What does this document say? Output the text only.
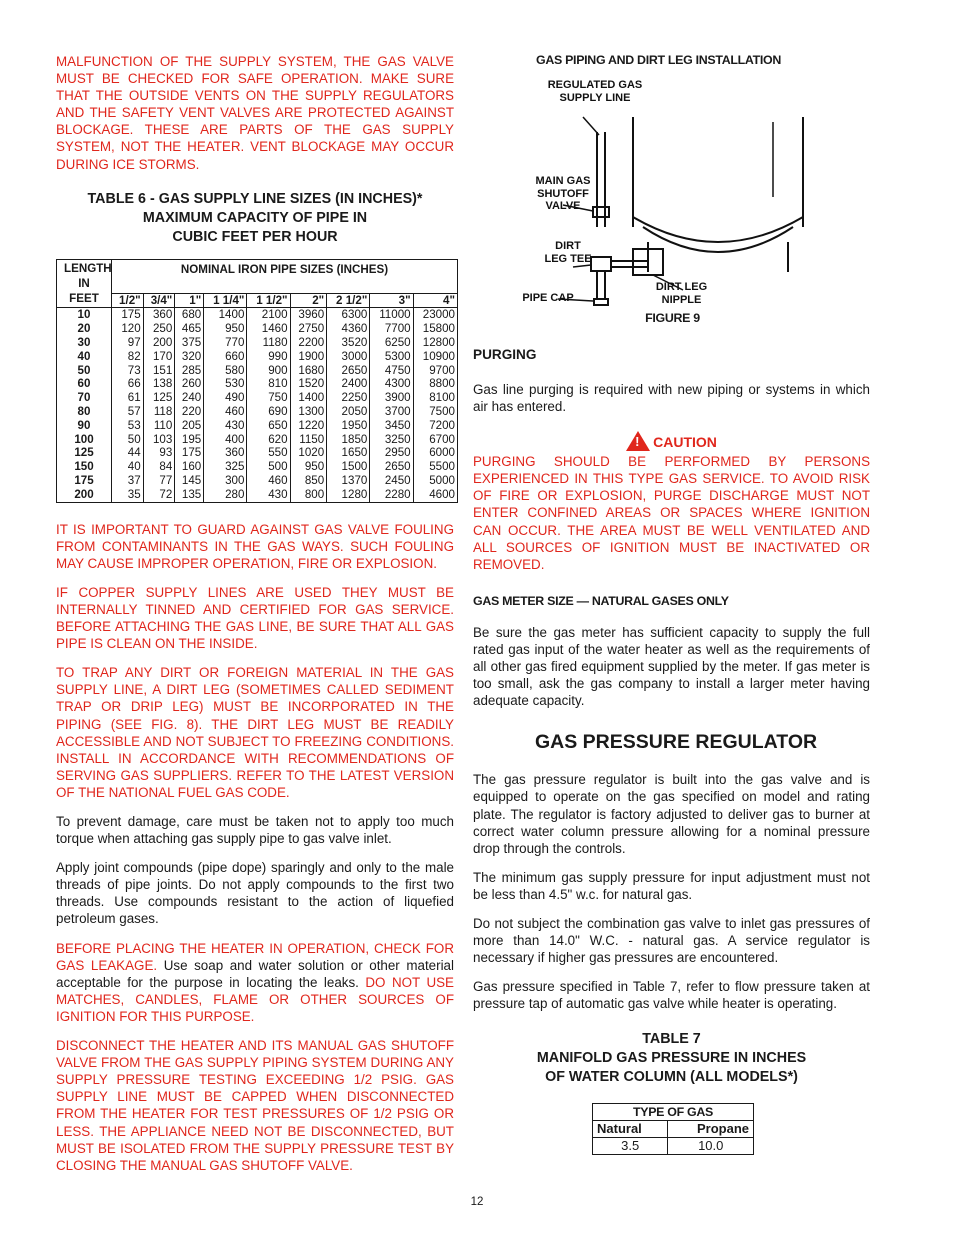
MALFUNCTION OF THE SUPPLY SYSTEM, THE GAS VALVE MUST BE CHECKED FOR SAFE OPERATION. MAKE SURE THAT THE OUTSIDE VENTS ON THE SUPPLY REGULATORS AND THE SAFETY VENT VALVES ARE PROTECTED AGAINST BLOCKAGE. THESE ARE PARTS OF THE GAS SUPPLY SYSTEM, NOT THE HEATER. VENT BLOCKAGE MAY OCCUR DURING ICE STORMS.

TABLE 6 - GAS SUPPLY LINE SIZES (IN INCHES)*
MAXIMUM CAPACITY OF PIPE IN
CUBIC FEET PER HOUR
LENGTH IN FEET	NOMINAL IRON PIPE SIZES (INCHES)								
	1/2"	3/4"	1"	1 1/4"	1 1/2"	2"	2 1/2"	3"	4"
10	175	360	680	1400	2100	3960	6300	11000	23000
20	120	250	465	950	1460	2750	4360	7700	15800
30	97	200	375	770	1180	2200	3520	6250	12800
40	82	170	320	660	990	1900	3000	5300	10900
50	73	151	285	580	900	1680	2650	4750	9700
60	66	138	260	530	810	1520	2400	4300	8800
70	61	125	240	490	750	1400	2250	3900	8100
80	57	118	220	460	690	1300	2050	3700	7500
90	53	110	205	430	650	1220	1950	3450	7200
100	50	103	195	400	620	1150	1850	3250	6700
125	44	93	175	360	550	1020	1650	2950	6000
150	40	84	160	325	500	950	1500	2650	5500
175	37	77	145	300	460	850	1370	2450	5000
200	35	72	135	280	430	800	1280	2280	4600

IT IS IMPORTANT TO GUARD AGAINST GAS VALVE FOULING FROM CONTAMINANTS IN THE GAS WAYS. SUCH FOULING MAY CAUSE IMPROPER OPERATION, FIRE OR EXPLOSION.

IF COPPER SUPPLY LINES ARE USED THEY MUST BE INTERNALLY TINNED AND CERTIFIED FOR GAS SERVICE. BEFORE ATTACHING THE GAS LINE, BE SURE THAT ALL GAS PIPE IS CLEAN ON THE INSIDE.

TO TRAP ANY DIRT OR FOREIGN MATERIAL IN THE GAS SUPPLY LINE, A DIRT LEG (SOMETIMES CALLED SEDIMENT TRAP OR DRIP LEG) MUST BE INCORPORATED IN THE PIPING (SEE FIG. 8). THE DIRT LEG MUST BE READILY ACCESSIBLE AND NOT SUBJECT TO FREEZING CONDITIONS. INSTALL IN ACCORDANCE WITH RECOMMENDATIONS OF SERVING GAS SUPPLIERS. REFER TO THE LATEST VERSION OF THE NATIONAL FUEL GAS CODE.

To prevent damage, care must be taken not to apply too much torque when attaching gas supply pipe to gas valve inlet.

Apply joint compounds (pipe dope) sparingly and only to the male threads of pipe joints. Do not apply compounds to the first two threads. Use compounds resistant to the action of liquefied petroleum gases.

BEFORE PLACING THE HEATER IN OPERATION, CHECK FOR GAS LEAKAGE. Use soap and water solution or other material acceptable for the purpose in locating the leaks. DO NOT USE MATCHES, CANDLES, FLAME OR OTHER SOURCES OF IGNITION FOR THIS PURPOSE.

DISCONNECT THE HEATER AND ITS MANUAL GAS SHUTOFF VALVE FROM THE GAS SUPPLY PIPING SYSTEM DURING ANY SUPPLY PRESSURE TESTING EXCEEDING 1/2 PSIG. GAS SUPPLY LINE MUST BE CAPPED WHEN DISCONNECTED FROM THE HEATER FOR TEST PRESSURES OF 1/2 PSIG OR LESS. THE APPLIANCE NEED NOT BE DISCONNECTED, BUT MUST BE ISOLATED FROM THE SUPPLY PRESSURE TEST BY CLOSING THE MANUAL GAS SHUTOFF VALVE.

GAS PIPING AND DIRT LEG INSTALLATION
REGULATED GAS SUPPLY LINE
MAIN GAS SHUTOFF VALVE
DIRT LEG TEE
PIPE CAP
DIRT LEG NIPPLE
FIGURE 9
PURGING

Gas line purging is required with new piping or systems in which air has entered.

! CAUTION

PURGING SHOULD BE PERFORMED BY PERSONS EXPERIENCED IN THIS TYPE GAS SERVICE. TO AVOID RISK OF FIRE OR EXPLOSION, PURGE DISCHARGE MUST NOT ENTER CONFINED AREAS OR SPACES WHERE IGNITION CAN OCCUR. THE AREA MUST BE WELL VENTILATED AND ALL SOURCES OF IGNITION MUST BE INACTIVATED OR REMOVED.

GAS METER SIZE — NATURAL GASES ONLY

Be sure the gas meter has sufficient capacity to supply the full rated gas input of the water heater as well as the requirements of all other gas fired equipment supplied by the meter. If gas meter is too small, ask the gas company to install a larger meter having adequate capacity.

GAS PRESSURE REGULATOR

The gas pressure regulator is built into the gas valve and is equipped to operate on the gas specified on model and rating plate. The regulator is factory adjusted to deliver gas to burner at correct water column pressure allowing for a nominal pressure drop through the controls.

The minimum gas supply pressure for input adjustment must not be less than 4.5" w.c. for natural gas.

Do not subject the combination gas valve to inlet gas pressures of more than 14.0" W.C. - natural gas. A service regulator is necessary if higher gas pressures are encountered.

Gas pressure specified in Table 7, refer to flow pressure taken at pressure tap of automatic gas valve while heater is operating.

TABLE 7
MANIFOLD GAS PRESSURE IN INCHES
OF WATER COLUMN (ALL MODELS*)
TYPE OF GAS	
Natural	Propane
3.5	10.0
12
